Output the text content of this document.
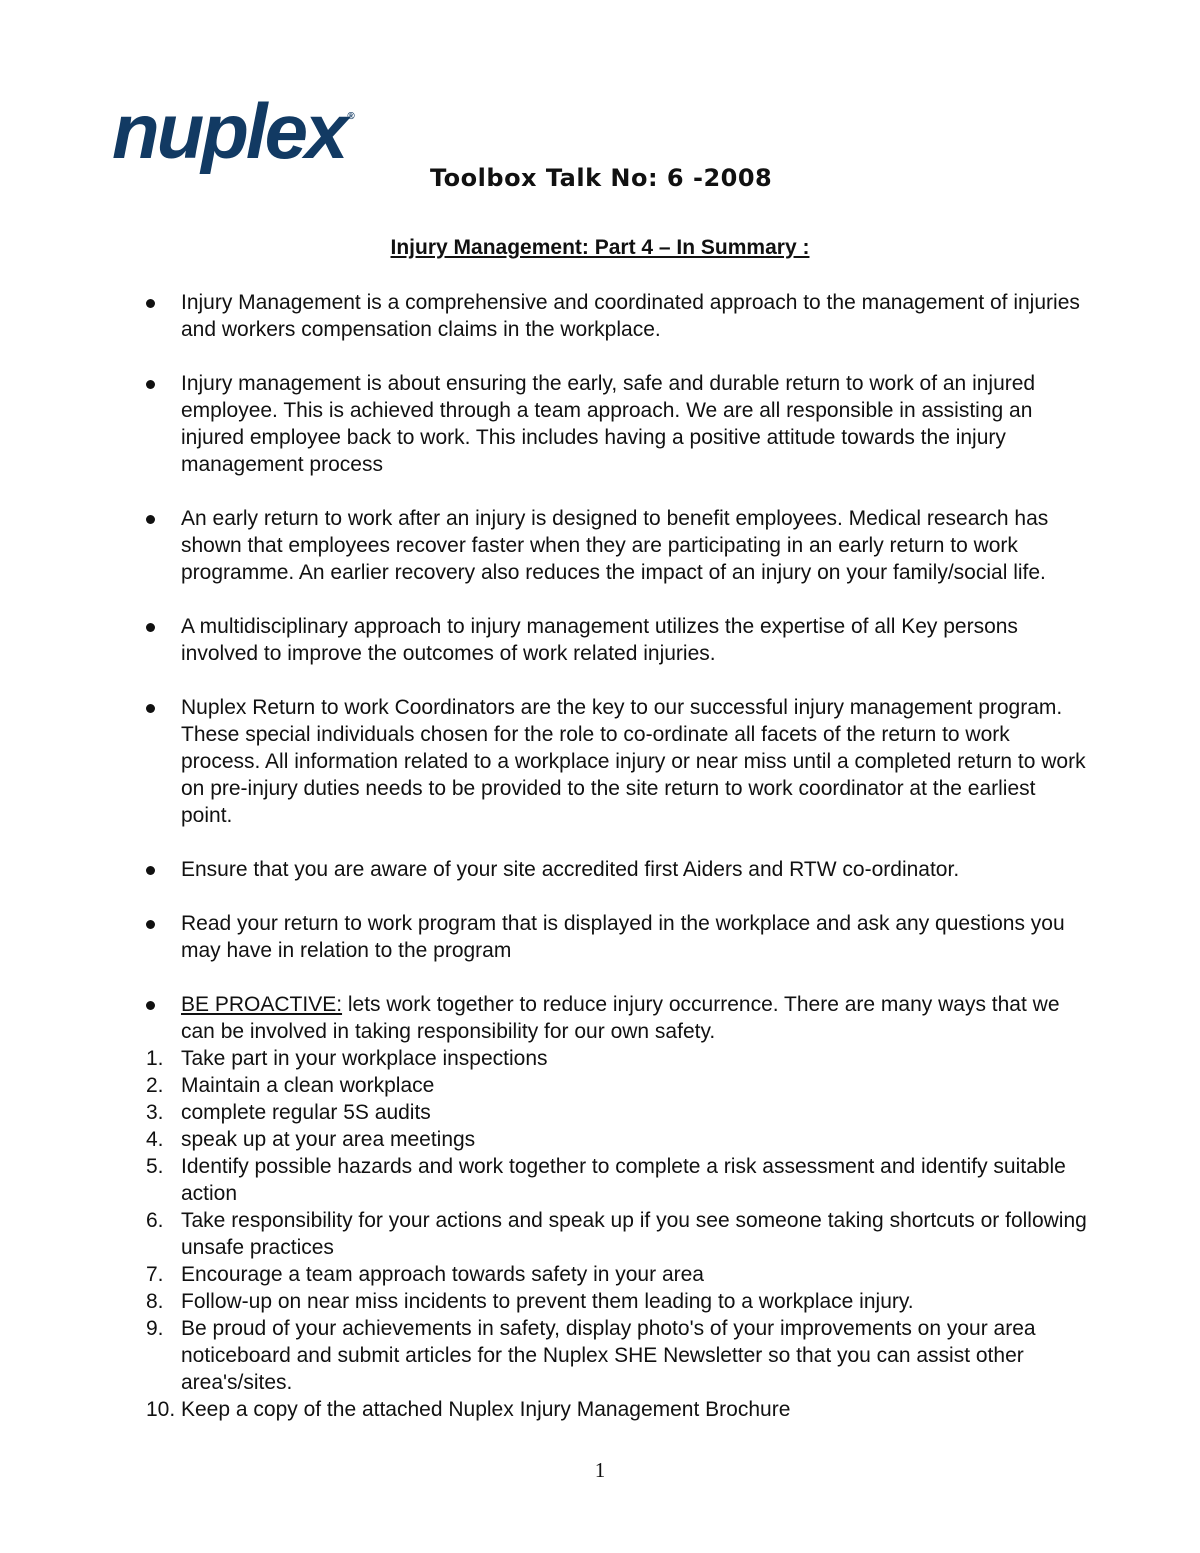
nuplex ®
Toolbox Talk No: 6 -2008
Injury Management: Part 4 – In Summary :
Injury Management is a comprehensive and coordinated approach to the management of injuries and workers compensation claims in the workplace.
Injury management is about ensuring the early, safe and durable return to work of an injured employee. This is achieved through a team approach. We are all responsible in assisting an injured employee back to work. This includes having a positive attitude towards the injury management process
An early return to work after an injury is designed to benefit employees. Medical research has shown that employees recover faster when they are participating in an early return to work programme. An earlier recovery also reduces the impact of an injury on your family/social life.
A multidisciplinary approach to injury management utilizes the expertise of all Key persons involved to improve the outcomes of work related injuries.
Nuplex Return to work Coordinators are the key to our successful injury management program. These special individuals chosen for the role to co-ordinate all facets of the return to work process. All information related to a workplace injury or near miss until a completed return to work on pre-injury duties needs to be provided to the site return to work coordinator at the earliest point.
Ensure that you are aware of your site accredited first Aiders and RTW co-ordinator.
Read your return to work program that is displayed in the workplace and ask any questions you may have in relation to the program
BE PROACTIVE: lets work together to reduce injury occurrence. There are many ways that we can be involved in taking responsibility for our own safety.
1. Take part in your workplace inspections
2. Maintain a clean workplace
3. complete regular 5S audits
4. speak up at your area meetings
5. Identify possible hazards and work together to complete a risk assessment and identify suitable action
6. Take responsibility for your actions and speak up if you see someone taking shortcuts or following unsafe practices
7. Encourage a team approach towards safety in your area
8. Follow-up on near miss incidents to prevent them leading to a workplace injury.
9. Be proud of your achievements in safety, display photo's of your improvements on your area noticeboard and submit articles for the Nuplex SHE Newsletter so that you can assist other area's/sites.
10. Keep a copy of the attached Nuplex Injury Management Brochure
1
